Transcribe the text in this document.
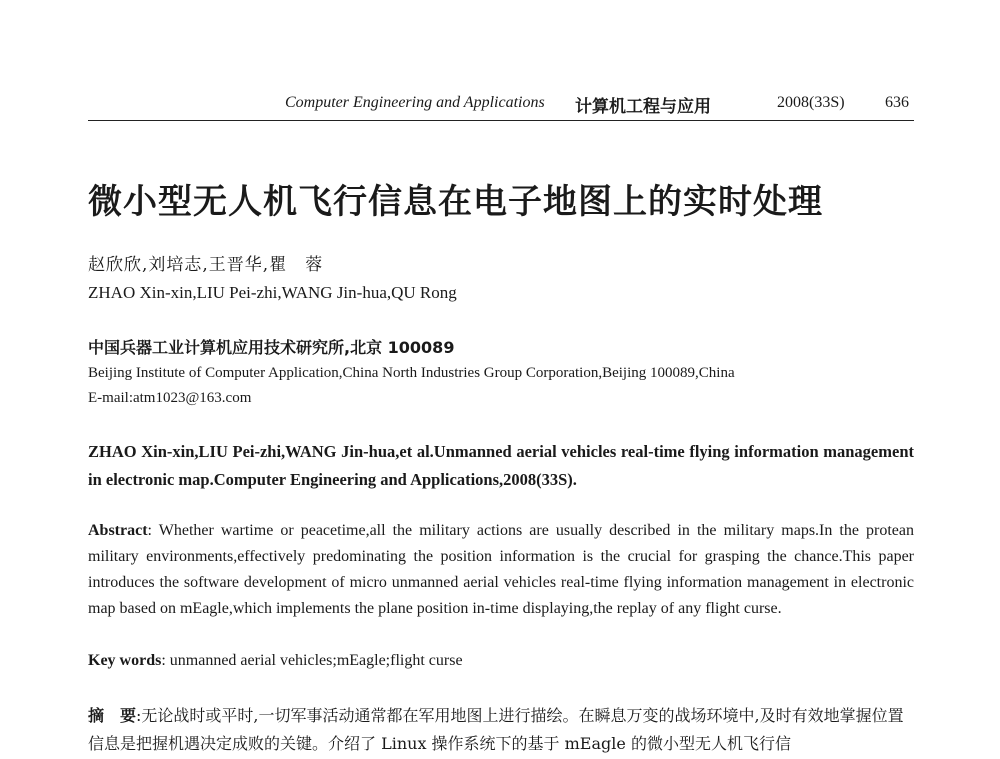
Computer Engineering and Applications 计算机工程与应用	2008(33S)	636
微小型无人机飞行信息在电子地图上的实时处理
赵欣欣,刘培志,王晋华,瞿　蓉
ZHAO Xin-xin,LIU Pei-zhi,WANG Jin-hua,QU Rong
中国兵器工业计算机应用技术研究所,北京 100089
Beijing Institute of Computer Application,China North Industries Group Corporation,Beijing 100089,China
E-mail:atm1023@163.com
ZHAO Xin-xin,LIU Pei-zhi,WANG Jin-hua,et al.Unmanned aerial vehicles real-time flying information management in electronic map.Computer Engineering and Applications,2008(33S).
Abstract: Whether wartime or peacetime,all the military actions are usually described in the military maps.In the protean military environments,effectively predominating the position information is the crucial for grasping the chance.This paper introduces the software development of micro unmanned aerial vehicles real-time flying information management in electronic map based on mEagle,which implements the plane position in-time displaying,the replay of any flight curse.
Key words: unmanned aerial vehicles;mEagle;flight curse
摘　要:无论战时或平时,一切军事活动通常都在军用地图上进行描绘。在瞬息万变的战场环境中,及时有效地掌握位置信息是把握机遇决定成败的关键。介绍了 Linux 操作系统下的基于 mEagle 的微小型无人机飞行信
